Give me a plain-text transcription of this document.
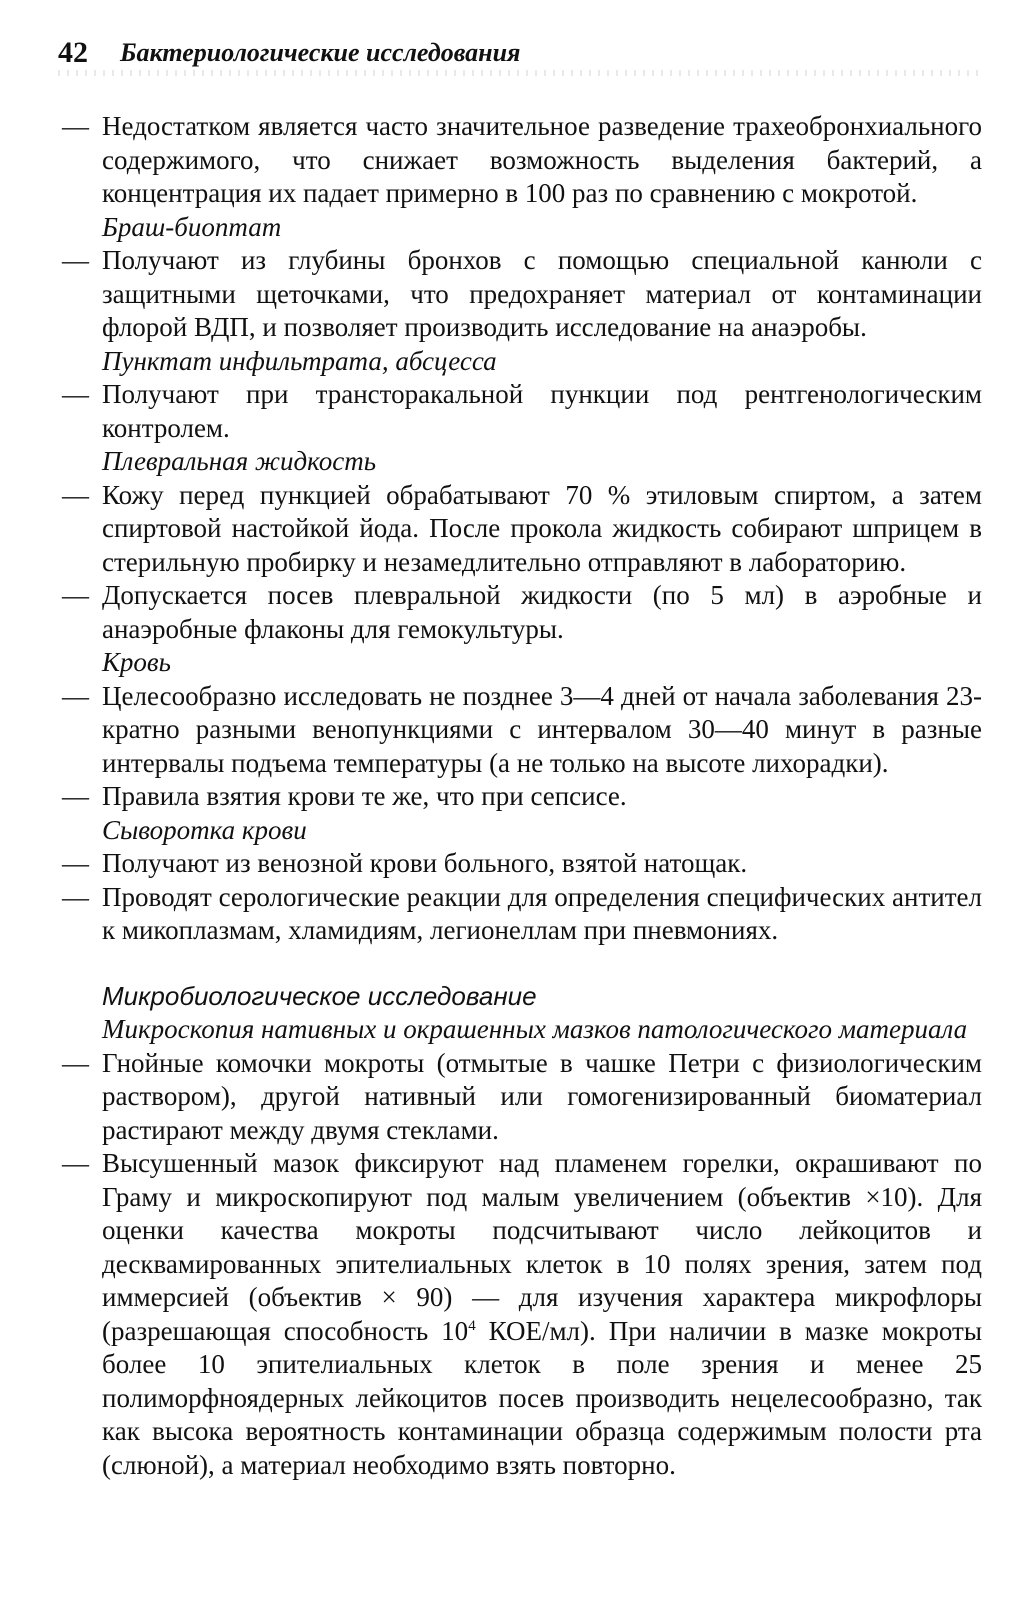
42 Бактериологические исследования

— Недостатком является часто значительное разведение трахеобронхиального содержимого, что снижает возможность выделения бактерий, а концентрация их падает примерно в 100 раз по сравнению с мокротой.

Браш-биоптат

— Получают из глубины бронхов с помощью специальной канюли с защитными щеточками, что предохраняет материал от контаминации флорой ВДП, и позволяет производить исследование на анаэробы.

Пунктат инфильтрата, абсцесса

— Получают при трансторакальной пункции под рентгенологическим контролем.

Плевральная жидкость

— Кожу перед пункцией обрабатывают 70 % этиловым спиртом, а затем спиртовой настойкой йода. После прокола жидкость собирают шприцем в стерильную пробирку и незамедлительно отправляют в лабораторию.

— Допускается посев плевральной жидкости (по 5 мл) в аэробные и анаэробные флаконы для гемокультуры.

Кровь

— Целесообразно исследовать не позднее 3—4 дней от начала заболевания 23-кратно разными венопункциями с интервалом 30—40 минут в разные интервалы подъема температуры (а не только на высоте лихорадки).

— Правила взятия крови те же, что при сепсисе.

Сыворотка крови

— Получают из венозной крови больного, взятой натощак.

— Проводят серологические реакции для определения специфических антител к микоплазмам, хламидиям, легионеллам при пневмониях.

Микробиологическое исследование
Микроскопия нативных и окрашенных мазков патологического материала

— Гнойные комочки мокроты (отмытые в чашке Петри с физиологическим раствором), другой нативный или гомогенизированный биоматериал растирают между двумя стеклами.

— Высушенный мазок фиксируют над пламенем горелки, окрашивают по Граму и микроскопируют под малым увеличением (объектив ×10). Для оценки качества мокроты подсчитывают число лейкоцитов и десквамированных эпителиальных клеток в 10 полях зрения, затем под иммерсией (объектив × 90) — для изучения характера микрофлоры (разрешающая способность $10^4$ КОЕ/мл). При наличии в мазке мокроты более 10 эпителиальных клеток в поле зрения и менее 25 полиморфноядерных лейкоцитов посев производить нецелесообразно, так как высока вероятность контаминации образца содержимым полости рта (слюной), а материал необходимо взять повторно.
